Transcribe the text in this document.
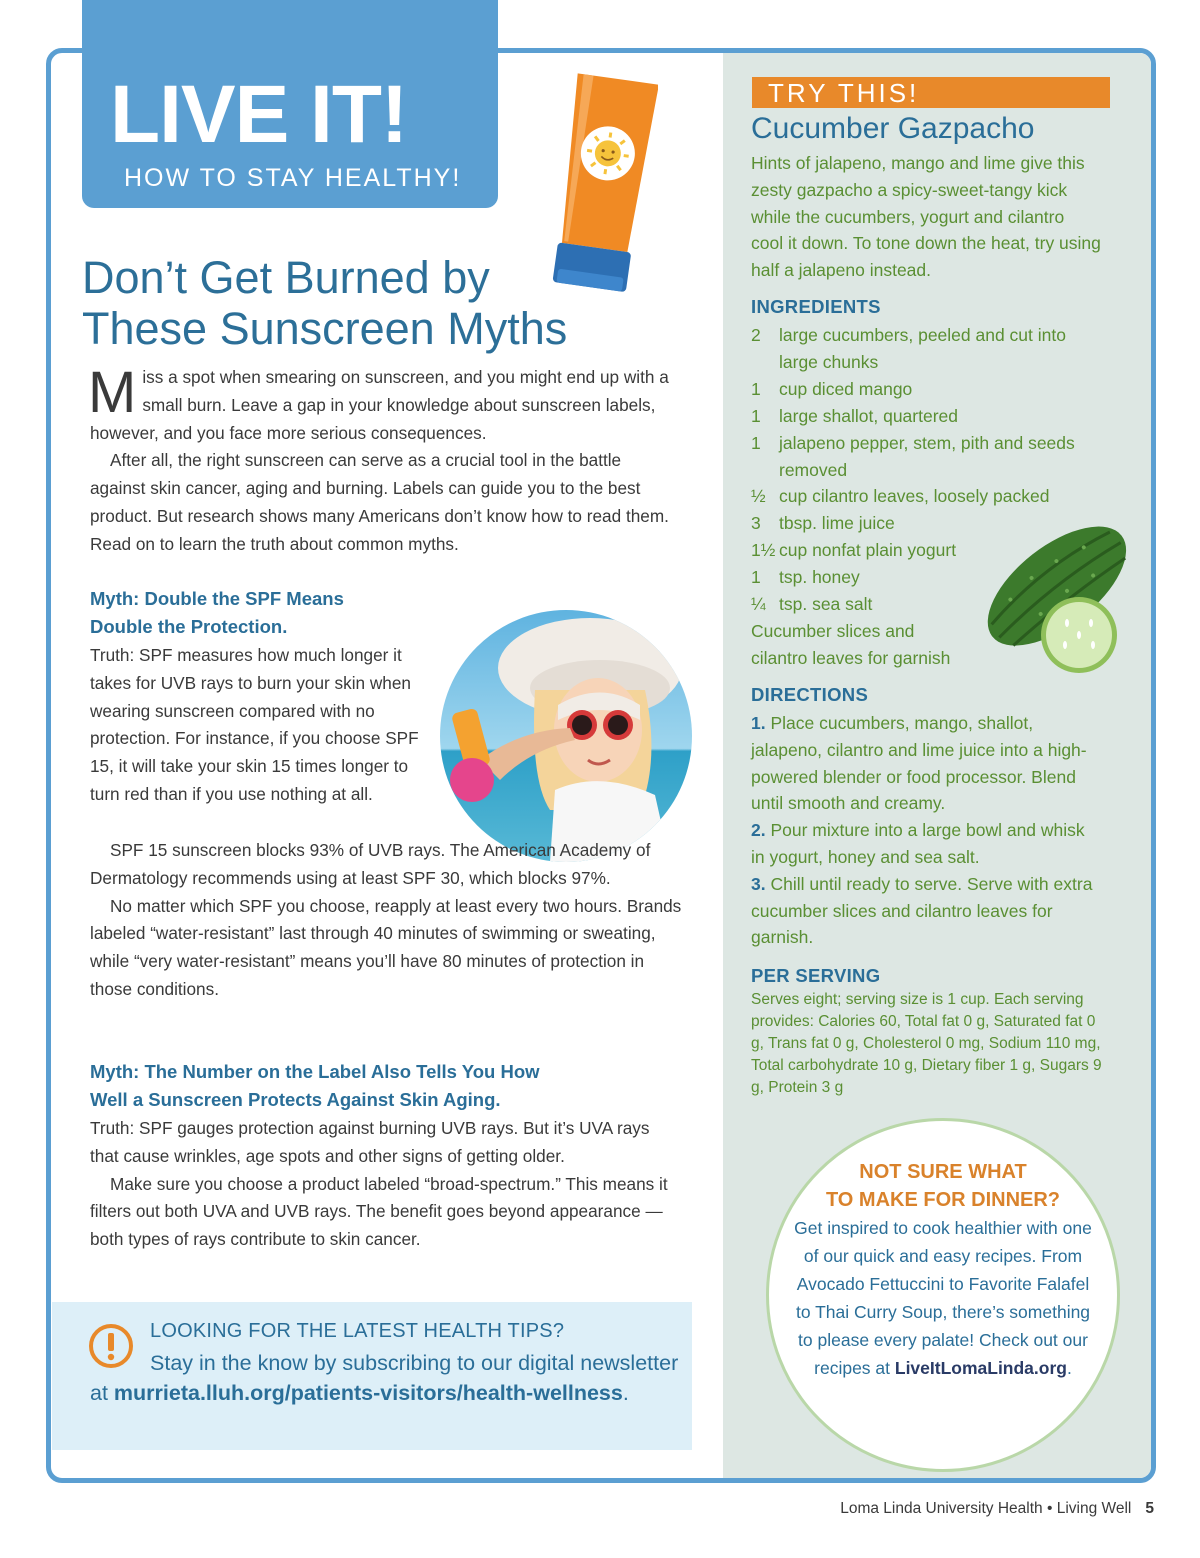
LIVE IT!
HOW TO STAY HEALTHY!
Don’t Get Burned by
These Sunscreen Myths

Miss a spot when smearing on sunscreen, and you might end up with a small burn. Leave a gap in your knowledge about sunscreen labels, however, and you face more serious consequences.

After all, the right sunscreen can serve as a crucial tool in the battle against skin cancer, aging and burning. Labels can guide you to the best product. But research shows many Americans don’t know how to read them. Read on to learn the truth about common myths.

Myth: Double the SPF Means
Double the Protection.
Truth: SPF measures how much longer it takes for UVB rays to burn your skin when wearing sunscreen compared with no protection. For instance, if you choose SPF 15, it will take your skin 15 times longer to turn red than if you use nothing at all.

SPF 15 sunscreen blocks 93% of UVB rays. The American Academy of Dermatology recommends using at least SPF 30, which blocks 97%.

No matter which SPF you choose, reapply at least every two hours. Brands labeled “water-resistant” last through 40 minutes of swimming or sweating, while “very water-resistant” means you’ll have 80 minutes of protection in those conditions.

Myth: The Number on the Label Also Tells You How
Well a Sunscreen Protects Against Skin Aging.

Truth: SPF gauges protection against burning UVB rays. But it’s UVA rays that cause wrinkles, age spots and other signs of getting older.

Make sure you choose a product labeled “broad-spectrum.” This means it filters out both UVA and UVB rays. The benefit goes beyond appearance — both types of rays contribute to skin cancer.

LOOKING FOR THE LATEST HEALTH TIPS?
Stay in the know by subscribing to our digital newsletter at murrieta.lluh.org/patients-visitors/health-wellness.
TRY THIS!
Cucumber Gazpacho
Hints of jalapeno, mango and lime give this zesty gazpacho a spicy-sweet-tangy kick while the cucumbers, yogurt and cilantro cool it down. To tone down the heat, try using half a jalapeno instead.
INGREDIENTS
2	large cucumbers, peeled and cut into large chunks
1	cup diced mango
1	large shallot, quartered
1	jalapeno pepper, stem, pith and seeds removed
½ cup cilantro leaves, loosely packed
3	tbsp. lime juice
1½ cup nonfat plain yogurt
1	tsp. honey
¼ tsp. sea salt
Cucumber slices and
cilantro leaves for garnish
DIRECTIONS

1. Place cucumbers, mango, shallot, jalapeno, cilantro and lime juice into a high-powered blender or food processor. Blend until smooth and creamy.

2. Pour mixture into a large bowl and whisk in yogurt, honey and sea salt.

3. Chill until ready to serve. Serve with extra cucumber slices and cilantro leaves for garnish.

PER SERVING
Serves eight; serving size is 1 cup. Each serving provides: Calories 60, Total fat 0 g, Saturated fat 0 g, Trans fat 0 g, Cholesterol 0 mg, Sodium 110 mg, Total carbohydrate 10 g, Dietary fiber 1 g, Sugars 9 g, Protein 3 g
NOT SURE WHAT
TO MAKE FOR DINNER?
Get inspired to cook healthier with one of our quick and easy recipes. From Avocado Fettuccini to Favorite Falafel to Thai Curry Soup, there’s something to please every palate! Check out our recipes at LiveItLomaLinda.org.
Loma Linda University Health • Living Well 5
